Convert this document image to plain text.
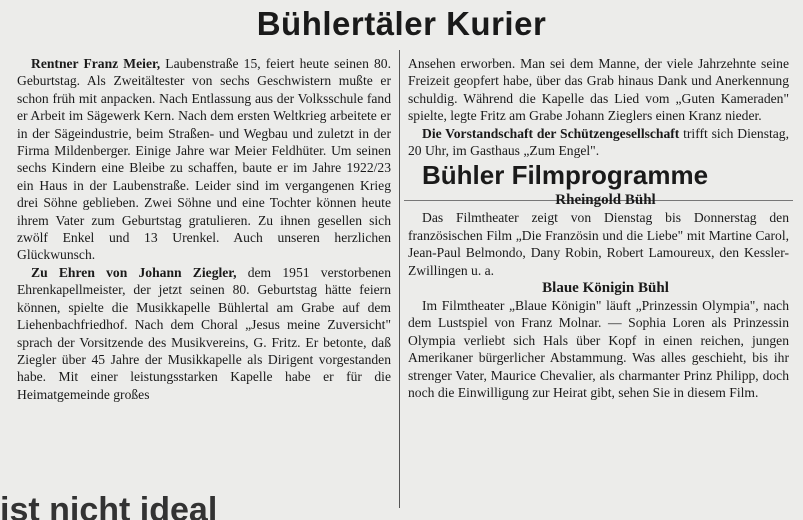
Bühlertäler Kurier

Rentner Franz Meier, Laubenstraße 15, feiert heute seinen 80. Geburtstag. Als Zweitältester von sechs Geschwistern mußte er schon früh mit anpacken. Nach Entlassung aus der Volksschule fand er Arbeit im Sägewerk Kern. Nach dem ersten Weltkrieg arbeitete er in der Sägeindustrie, beim Straßen- und Wegbau und zuletzt in der Firma Mildenberger. Einige Jahre war Meier Feldhüter. Um seinen sechs Kindern eine Bleibe zu schaffen, baute er im Jahre 1922/23 ein Haus in der Laubenstraße. Leider sind im vergangenen Krieg drei Söhne geblieben. Zwei Söhne und eine Tochter können heute ihrem Vater zum Geburtstag gratulieren. Zu ihnen gesellen sich zwölf Enkel und 13 Urenkel. Auch unseren herzlichen Glückwunsch.

Zu Ehren von Johann Ziegler, dem 1951 verstorbenen Ehrenkapellmeister, der jetzt seinen 80. Geburtstag hätte feiern können, spielte die Musikkapelle Bühlertal am Grabe auf dem Liehenbachfriedhof. Nach dem Choral „Jesus meine Zuversicht" sprach der Vorsitzende des Musikvereins, G. Fritz. Er betonte, daß Ziegler über 45 Jahre der Musikkapelle als Dirigent vorgestanden habe. Mit einer leistungsstarken Kapelle habe er für die Heimatgemeinde großes

Ansehen erworben. Man sei dem Manne, der viele Jahrzehnte seine Freizeit geopfert habe, über das Grab hinaus Dank und Anerkennung schuldig. Während die Kapelle das Lied vom „Guten Kameraden" spielte, legte Fritz am Grabe Johann Zieglers einen Kranz nieder.

Die Vorstandschaft der Schützengesellschaft trifft sich Dienstag, 20 Uhr, im Gasthaus „Zum Engel".

Bühler Filmprogramme

Rheingold Bühl

Das Filmtheater zeigt von Dienstag bis Donnerstag den französischen Film „Die Französin und die Liebe" mit Martine Carol, Jean-Paul Belmondo, Dany Robin, Robert Lamoureux, den Kessler-Zwillingen u. a.

Blaue Königin Bühl

Im Filmtheater „Blaue Königin" läuft „Prinzessin Olympia", nach dem Lustspiel von Franz Molnar. — Sophia Loren als Prinzessin Olympia verliebt sich Hals über Kopf in einen reichen, jungen Amerikaner bürgerlicher Abstammung. Was alles geschieht, bis ihr strenger Vater, Maurice Chevalier, als charmanter Prinz Philipp, doch noch die Einwilligung zur Heirat gibt, sehen Sie in diesem Film.

ist nicht ideal
